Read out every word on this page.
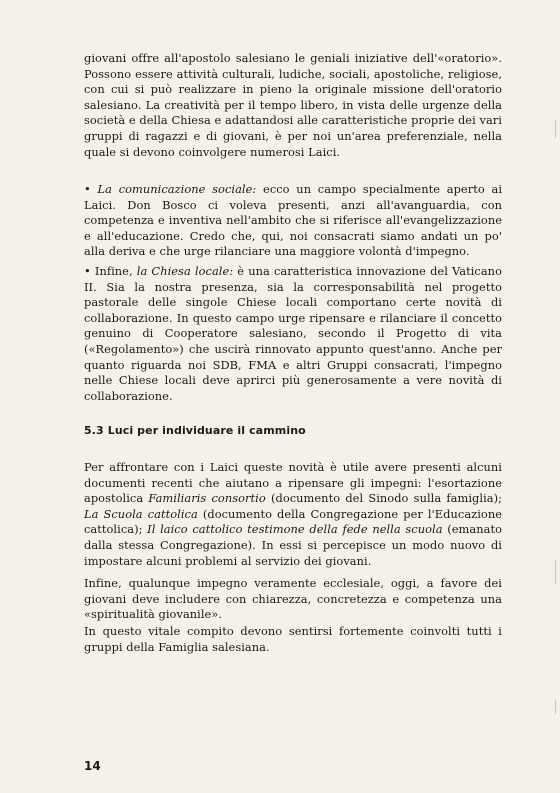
giovani offre all'apostolo salesiano le geniali iniziative dell'«oratorio». Possono essere attività culturali, ludiche, sociali, apostoliche, religiose, con cui si può realizzare in pieno la originale missione dell'oratorio salesiano. La creatività per il tempo libero, in vista delle urgenze della società e della Chiesa e adattandosi alle caratteristiche proprie dei vari gruppi di ragazzi e di giovani, è per noi un'area preferenziale, nella quale si devono coinvolgere numerosi Laici.

• La comunicazione sociale: ecco un campo specialmente aperto ai Laici. Don Bosco ci voleva presenti, anzi all'avanguardia, con competenza e inventiva nell'ambito che si riferisce all'evangelizzazione e all'educazione. Credo che, qui, noi consacrati siamo andati un po' alla deriva e che urge rilanciare una maggiore volontà d'impegno.

• Infine, la Chiesa locale: è una caratteristica innovazione del Vaticano II. Sia la nostra presenza, sia la corresponsabilità nel progetto pastorale delle singole Chiese locali comportano certe novità di collaborazione. In questo campo urge ripensare e rilanciare il concetto genuino di Cooperatore salesiano, secondo il Progetto di vita («Regolamento») che uscirà rinnovato appunto quest'anno. Anche per quanto riguarda noi SDB, FMA e altri Gruppi consacrati, l'impegno nelle Chiese locali deve aprirci più generosamente a vere novità di collaborazione.

5.3 Luci per individuare il cammino

Per affrontare con i Laici queste novità è utile avere presenti alcuni documenti recenti che aiutano a ripensare gli impegni: l'esortazione apostolica Familiaris consortio (documento del Sinodo sulla famiglia); La Scuola cattolica (documento della Congregazione per l'Educazione cattolica); Il laico cattolico testimone della fede nella scuola (emanato dalla stessa Congregazione). In essi si percepisce un modo nuovo di impostare alcuni problemi al servizio dei giovani.

Infine, qualunque impegno veramente ecclesiale, oggi, a favore dei giovani deve includere con chiarezza, concretezza e competenza una «spiritualità giovanile».

In questo vitale compito devono sentirsi fortemente coinvolti tutti i gruppi della Famiglia salesiana.

14
